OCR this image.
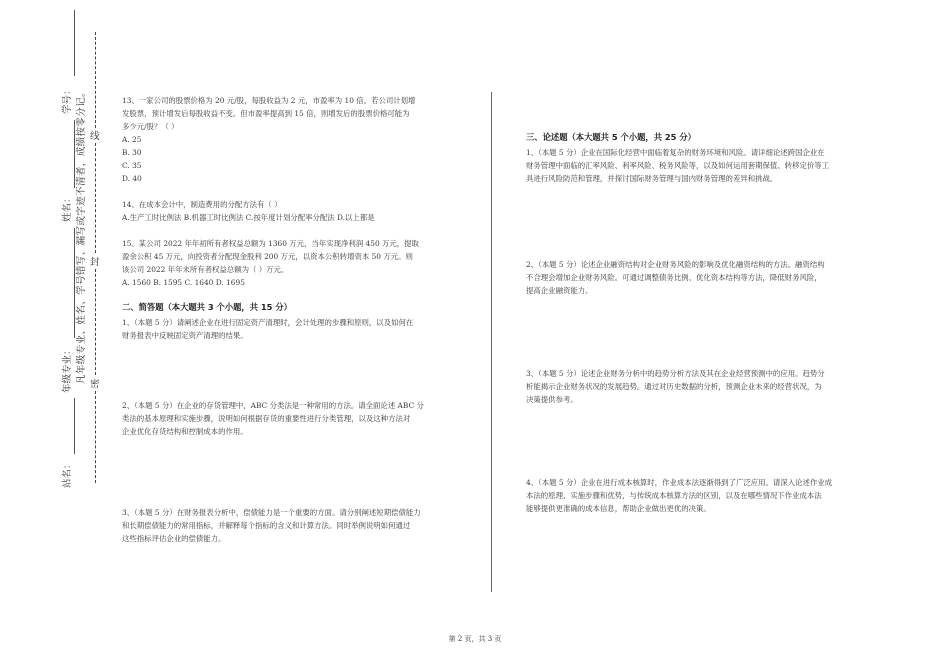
学号：
姓名：
年级专业：
站名：
凡年级专业、姓名、学号错写、漏写或字迹不清者，成绩按零分记。 线
封
密

13、一家公司的股票价格为 20 元/股，每股收益为 2 元，市盈率为 10 倍。若公司计划增

发股票，预计增发后每股收益不变。但市盈率提高到 15 倍，则增发后的股票价格可能为

多少元/股？（ ）

A. 25

B. 30

C. 35

D. 40

14、在成本会计中，制造费用的分配方法有（ ）

A.生产工时比例法 B.机器工时比例法 C.按年度计划分配率分配法 D.以上都是

15、某公司 2022 年年初所有者权益总额为 1360 万元，当年实现净利润 450 万元，提取

盈余公积 45 万元，向投资者分配现金股利 200 万元，以资本公积转增资本 50 万元。则

该公司 2022 年年末所有者权益总额为（ ）万元。

A. 1560 B. 1595 C. 1640 D. 1695

二、简答题（本大题共 3 个小题，共 15 分）

1、（本题 5 分）请阐述企业在进行固定资产清理时，会计处理的步骤和原则，以及如何在

财务报表中反映固定资产清理的结果。

2、（本题 5 分）在企业的存货管理中，ABC 分类法是一种常用的方法。请全面论述 ABC 分

类法的基本原理和实施步骤，说明如何根据存货的重要性进行分类管理，以及这种方法对

企业优化存货结构和控制成本的作用。

3、（本题 5 分）在财务报表分析中，偿债能力是一个重要的方面。请分别阐述短期偿债能力

和长期偿债能力的常用指标，并解释每个指标的含义和计算方法。同时举例说明如何通过

这些指标评估企业的偿债能力。

三、论述题（本大题共 5 个小题，共 25 分）

1、（本题 5 分）企业在国际化经营中面临着复杂的财务环境和风险。请详细论述跨国企业在

财务管理中面临的汇率风险、利率风险、税务风险等，以及如何运用套期保值、转移定价等工

具进行风险防范和管理，并探讨国际财务管理与国内财务管理的差异和挑战。

2、（本题 5 分）论述企业融资结构对企业财务风险的影响及优化融资结构的方法。融资结构

不合理会增加企业财务风险。可通过调整债务比例、优化资本结构等方法，降低财务风险，

提高企业融资能力。

3、（本题 5 分）论述企业财务分析中的趋势分析方法及其在企业经营预测中的应用。趋势分

析能揭示企业财务状况的发展趋势。通过对历史数据的分析，预测企业未来的经营状况，为

决策提供参考。

4、（本题 5 分）企业在进行成本核算时，作业成本法逐渐得到了广泛应用。请深入论述作业成

本法的原理、实施步骤和优势，与传统成本核算方法的区别，以及在哪些情况下作业成本法

能够提供更准确的成本信息，帮助企业做出更优的决策。

第 2 页，共 3 页
